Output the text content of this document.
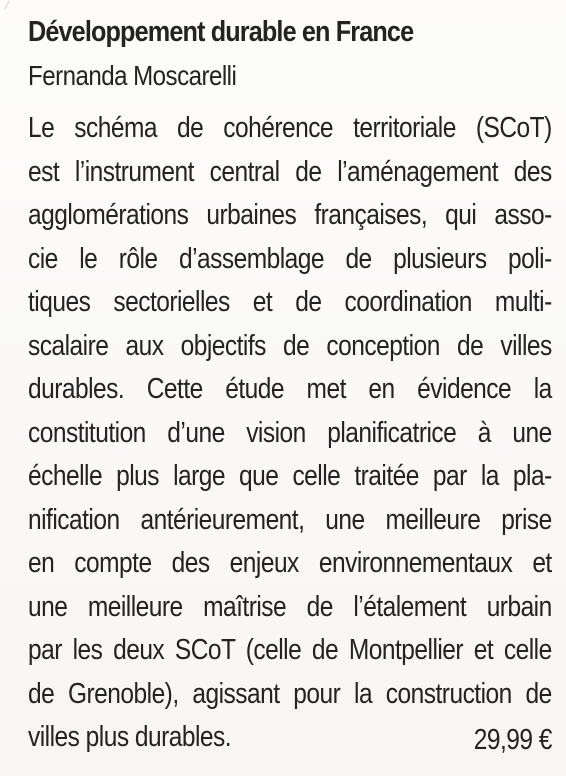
Développement durable en France
Fernanda Moscarelli
Le schéma de cohérence territoriale (SCoT)
est l’instrument central de l’aménagement des
agglomérations urbaines françaises, qui asso-
cie le rôle d’assemblage de plusieurs poli-
tiques sectorielles et de coordination multi-
scalaire aux objectifs de conception de villes
durables. Cette étude met en évidence la
constitution d’une vision planificatrice à une
échelle plus large que celle traitée par la pla-
nification antérieurement, une meilleure prise
en compte des enjeux environnementaux et
une meilleure maîtrise de l’étalement urbain
par les deux SCoT (celle de Montpellier et celle
de Grenoble), agissant pour la construction de
villes plus durables.	29,99 €
